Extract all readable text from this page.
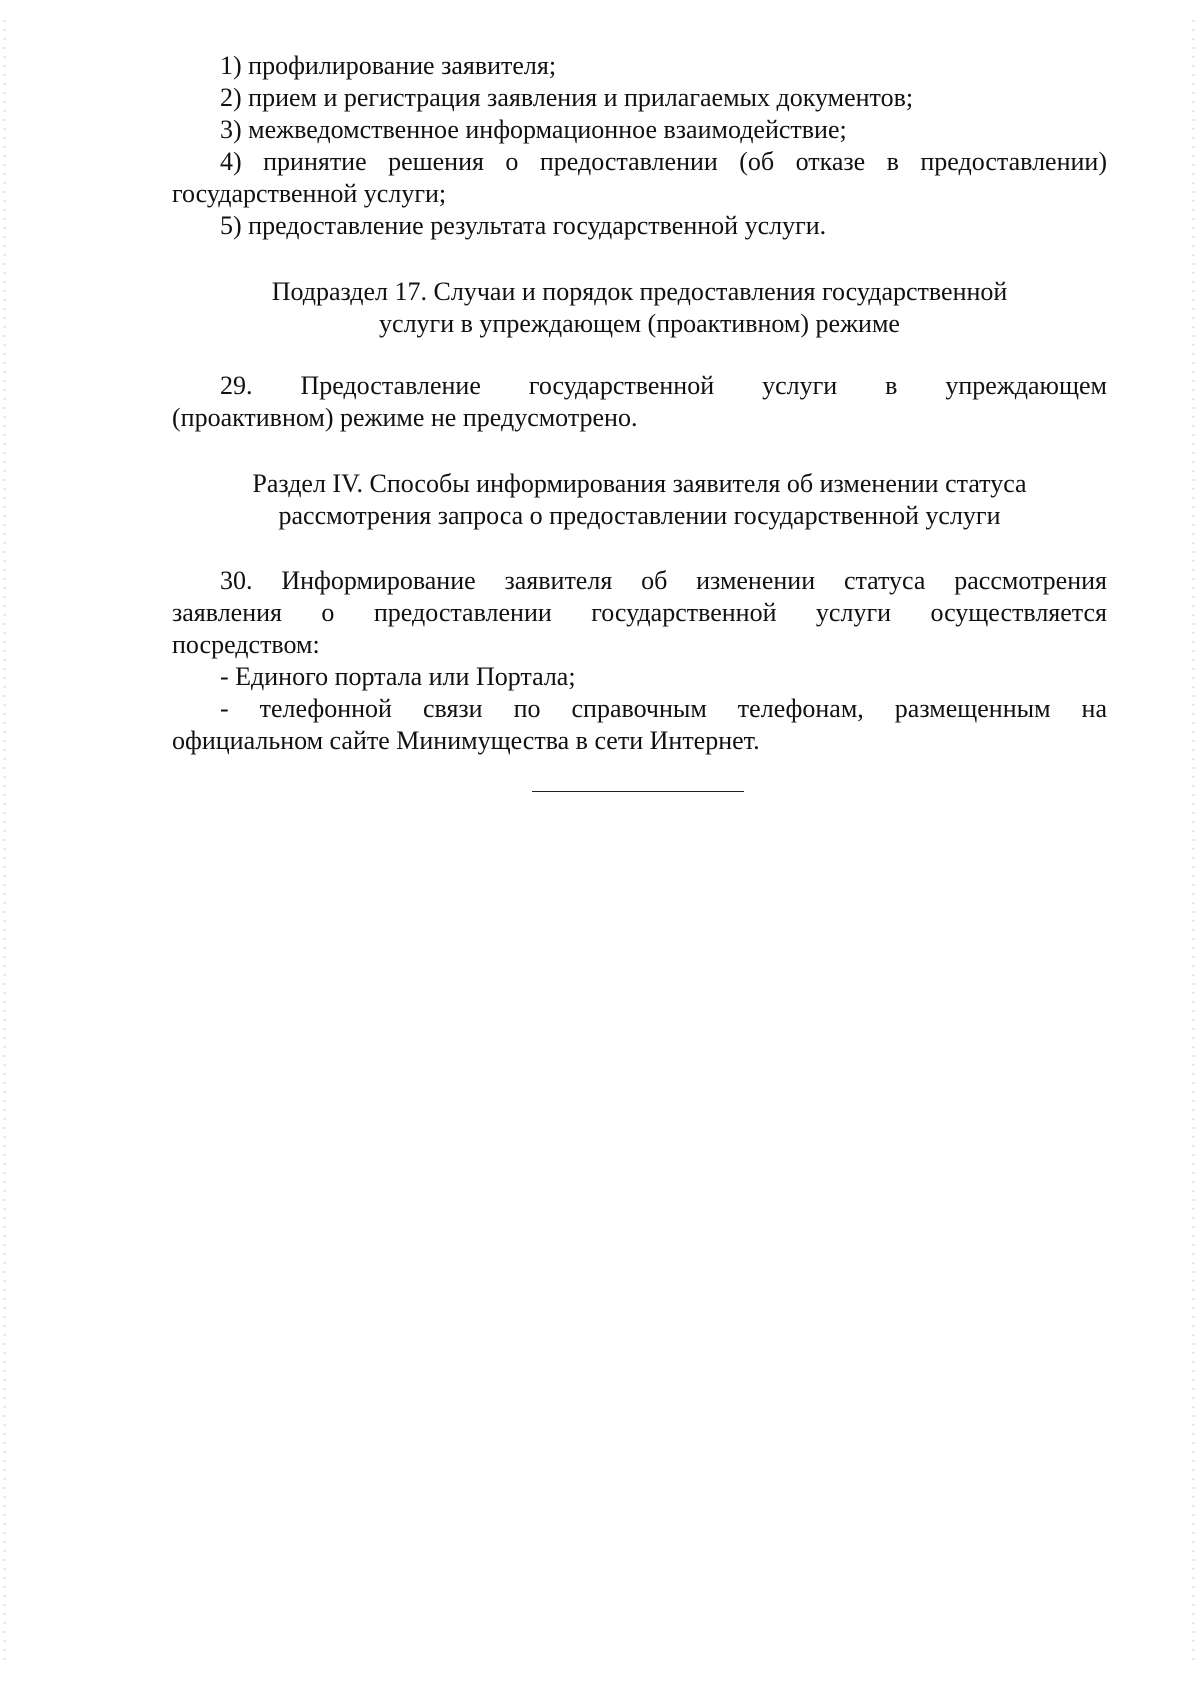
1) профилирование заявителя;
2) прием и регистрация заявления и прилагаемых документов;
3) межведомственное информационное взаимодействие;
4) принятие решения о предоставлении (об отказе в предоставлении)
государственной услуги;
5) предоставление результата государственной услуги.
Подраздел 17. Случаи и порядок предоставления государственной
услуги в упреждающем (проактивном) режиме
29. Предоставление государственной услуги в упреждающем
(проактивном) режиме не предусмотрено.
Раздел IV. Способы информирования заявителя об изменении статуса
рассмотрения запроса о предоставлении государственной услуги
30. Информирование заявителя об изменении статуса рассмотрения
заявления о предоставлении государственной услуги осуществляется
посредством:
- Единого портала или Портала;
- телефонной связи по справочным телефонам, размещенным на
официальном сайте Минимущества в сети Интернет.
